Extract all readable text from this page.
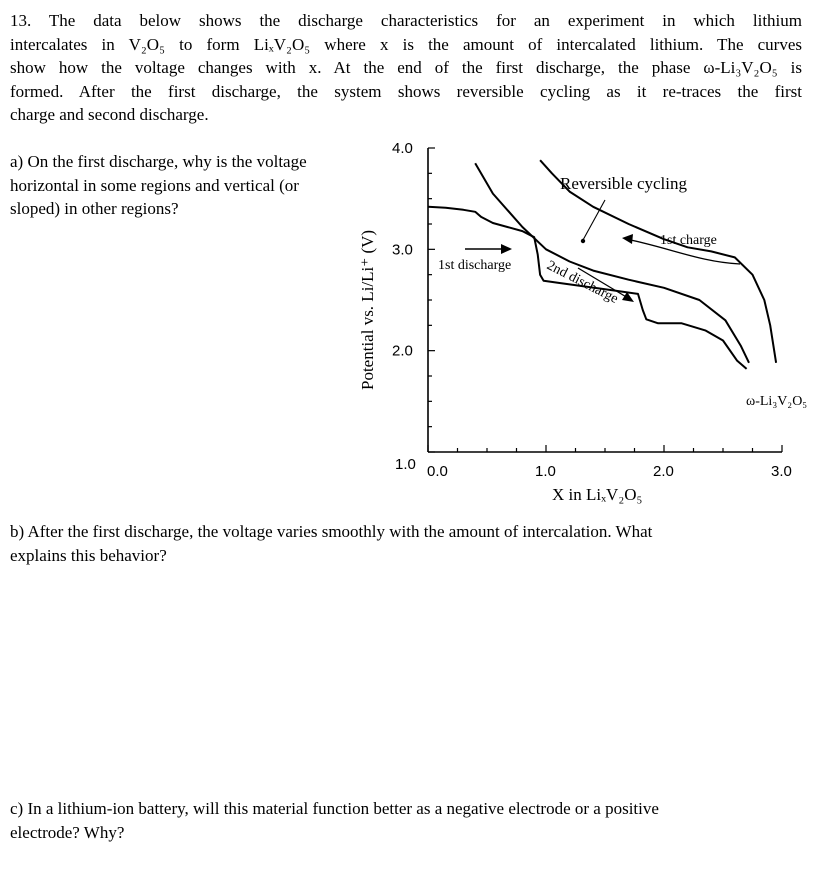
13. The data below shows the discharge characteristics for an experiment in which lithium
intercalates in V₂O₅ to form LiₓV₂O₅ where x is the amount of intercalated lithium. The curves
show how the voltage changes with x. At the end of the first discharge, the phase ω-Li₃V₂O₅ is
formed. After the first discharge, the system shows reversible cycling as it re-traces the first
charge and second discharge.
a) On the first discharge, why is the voltage
horizontal in some regions and vertical (or
sloped) in other regions?
4.0
3.0
2.0
1.0 0.0	1.0	2.0	3.0
Reversible cycling
1st discharge
1st charge
2nd discharge
ω-Li₃V₂O₅
Potential vs. Li/Li⁺ (V)
X in LiₓV₂O₅
b) After the first discharge, the voltage varies smoothly with the amount of intercalation. What
explains this behavior?
c) In a lithium-ion battery, will this material function better as a negative electrode or a positive
electrode? Why?
